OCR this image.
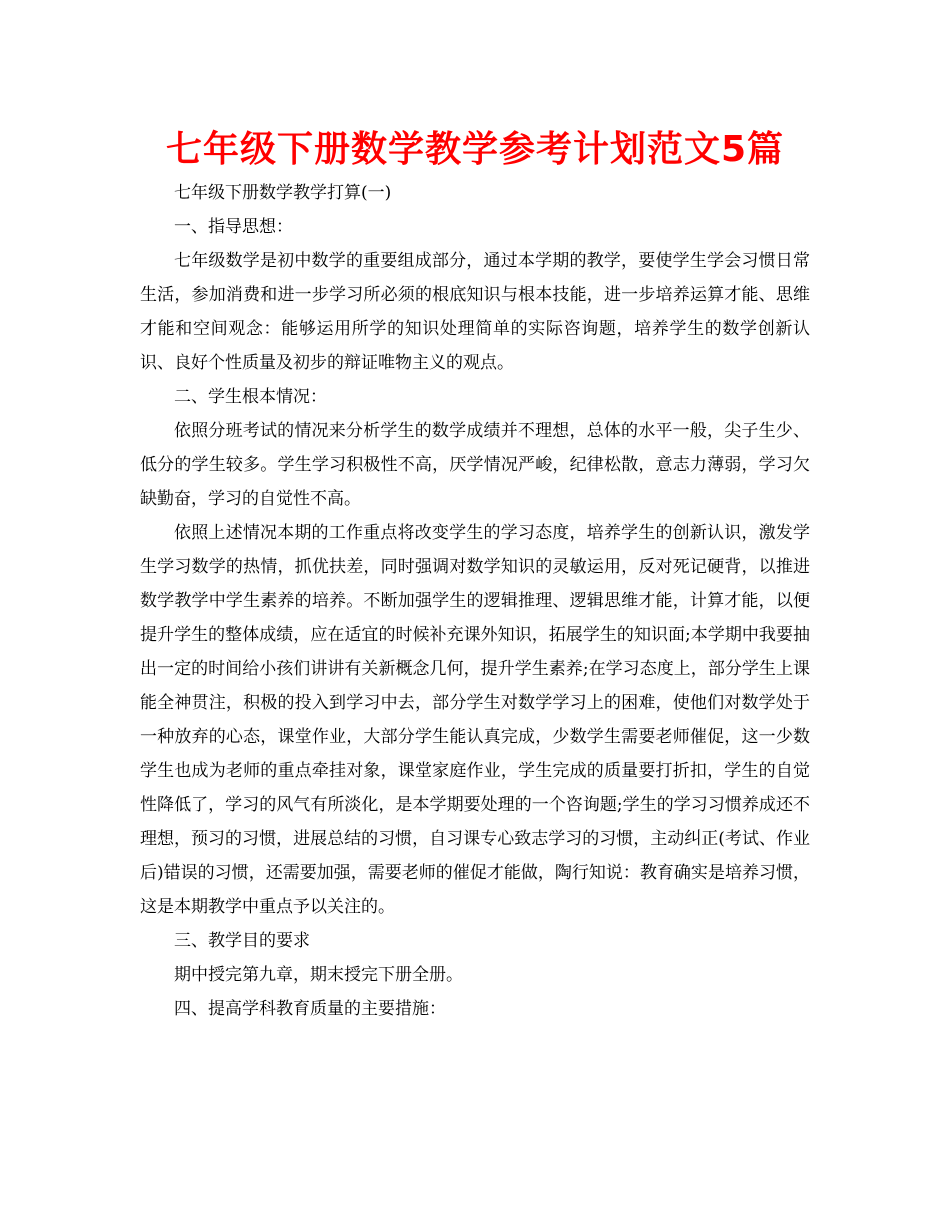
七年级下册数学教学参考计划范文5篇

七年级下册数学教学打算(一)

一、指导思想：

七年级数学是初中数学的重要组成部分，通过本学期的教学，要使学生学会习惯日常生活，参加消费和进一步学习所必须的根底知识与根本技能，进一步培养运算才能、思维才能和空间观念：能够运用所学的知识处理简单的实际咨询题，培养学生的数学创新认识、良好个性质量及初步的辩证唯物主义的观点。

二、学生根本情况：

依照分班考试的情况来分析学生的数学成绩并不理想，总体的水平一般，尖子生少、低分的学生较多。学生学习积极性不高，厌学情况严峻，纪律松散，意志力薄弱，学习欠缺勤奋，学习的自觉性不高。

依照上述情况本期的工作重点将改变学生的学习态度，培养学生的创新认识，激发学生学习数学的热情，抓优扶差，同时强调对数学知识的灵敏运用，反对死记硬背，以推进数学教学中学生素养的培养。不断加强学生的逻辑推理、逻辑思维才能，计算才能，以便提升学生的整体成绩，应在适宜的时候补充课外知识，拓展学生的知识面;本学期中我要抽出一定的时间给小孩们讲讲有关新概念几何，提升学生素养;在学习态度上，部分学生上课能全神贯注，积极的投入到学习中去，部分学生对数学学习上的困难，使他们对数学处于一种放弃的心态，课堂作业，大部分学生能认真完成，少数学生需要老师催促，这一少数学生也成为老师的重点牵挂对象，课堂家庭作业，学生完成的质量要打折扣，学生的自觉性降低了，学习的风气有所淡化，是本学期要处理的一个咨询题;学生的学习习惯养成还不理想，预习的习惯，进展总结的习惯，自习课专心致志学习的习惯，主动纠正(考试、作业后)错误的习惯，还需要加强，需要老师的催促才能做，陶行知说：教育确实是培养习惯，这是本期教学中重点予以关注的。

三、教学目的要求

期中授完第九章，期末授完下册全册。

四、提高学科教育质量的主要措施：
